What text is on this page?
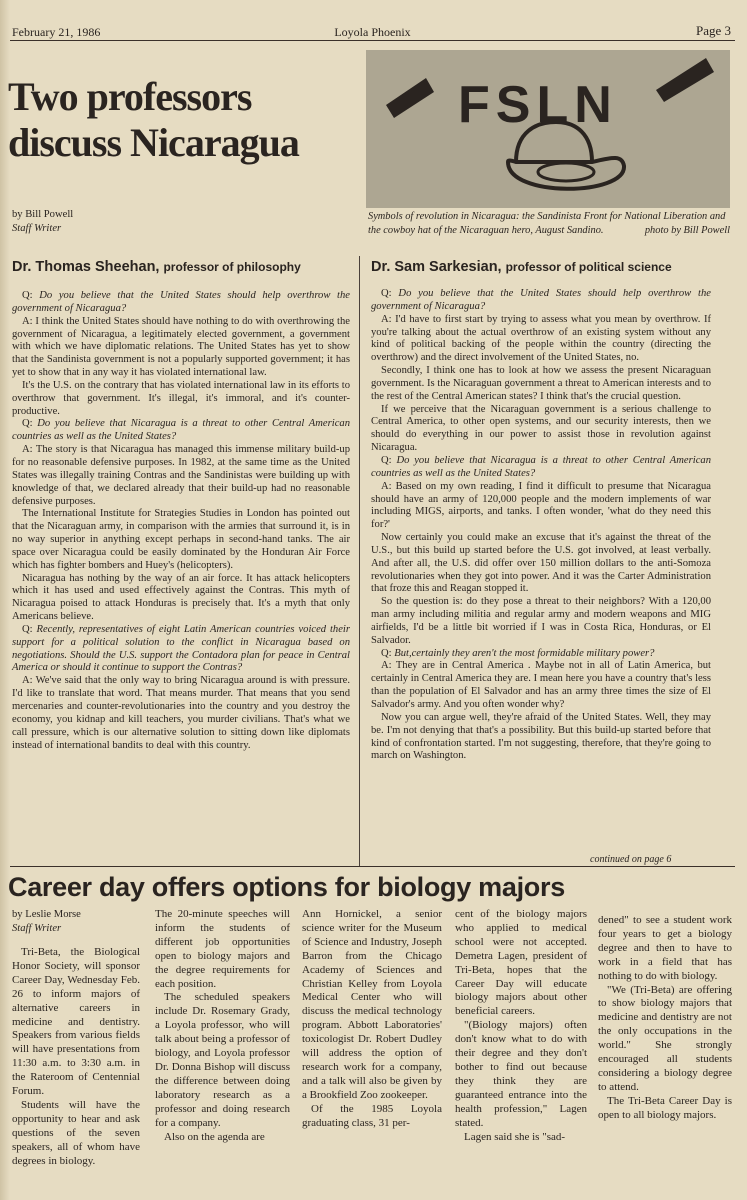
February 21, 1986	Loyola Phoenix	Page 3
Two professors
discuss Nicaragua
FSLN
Symbols of revolution in Nicaragua: the Sandinista Front for National Liberation and the cowboy hat of the Nicaraguan hero, August Sandino.	photo by Bill Powell
by Bill Powell
Staff Writer
Dr. Thomas Sheehan, professor of philosophy	Dr. Sam Sarkesian, professor of political science

Q: Do you believe that the United States should help overthrow the government of Nicaragua?

A: I think the United States should have nothing to do with overthrowing the government of Nicaragua, a legitimately elected government, a government with which we have diplomatic relations. The United States has yet to show that the Sandinista government is not a popularly supported government; it has yet to show that in any way it has violated international law.

It's the U.S. on the contrary that has violated international law in its efforts to overthrow that government. It's illegal, it's immoral, and it's counter-productive.

Q: Do you believe that Nicaragua is a threat to other Central American countries as well as the United States?

A: The story is that Nicaragua has managed this immense military build-up for no reasonable defensive purposes. In 1982, at the same time as the United States was illegally training Contras and the Sandinistas were building up with knowledge of that, we declared already that their build-up had no reasonable defensive purposes.

The International Institute for Strategies Studies in London has pointed out that the Nicaraguan army, in comparison with the armies that surround it, is in no way superior in anything except perhaps in second-hand tanks. The air space over Nicaragua could be easily dominated by the Honduran Air Force which has fighter bombers and Huey's (helicopters).

Nicaragua has nothing by the way of an air force. It has attack helicopters which it has used and used effectively against the Contras. This myth of Nicaragua poised to attack Honduras is precisely that. It's a myth that only Americans believe.

Q: Recently, representatives of eight Latin American countries voiced their support for a political solution to the conflict in Nicaragua based on negotiations. Should the U.S. support the Contadora plan for peace in Central America or should it continue to support the Contras?

A: We've said that the only way to bring Nicaragua around is with pressure. I'd like to translate that word. That means murder. That means that you send mercenaries and counter-revolutionaries into the country and you destroy the economy, you kidnap and kill teachers, you murder civilians. That's what we call pressure, which is our alternative solution to sitting down like diplomats instead of international bandits to deal with this country.

Q: Do you believe that the United States should help overthrow the government of Nicaragua?

A: I'd have to first start by trying to assess what you mean by overthrow. If you're talking about the actual overthrow of an existing system without any kind of political backing of the people within the country (directing the overthrow) and the direct involvement of the United States, no.

Secondly, I think one has to look at how we assess the present Nicaraguan government. Is the Nicaraguan government a threat to American interests and to the rest of the Central American states? I think that's the crucial question.

If we perceive that the Nicaraguan government is a serious challenge to Central America, to other open systems, and our security interests, then we should do everything in our power to assist those in revolution against Nicaragua.

Q: Do you believe that Nicaragua is a threat to other Central American countries as well as the United States?

A: Based on my own reading, I find it difficult to presume that Nicaragua should have an army of 120,000 people and the modern implements of war including MIGS, airports, and tanks. I often wonder, 'what do they need this for?'

Now certainly you could make an excuse that it's against the threat of the U.S., but this build up started before the U.S. got involved, at least verbally. And after all, the U.S. did offer over 150 million dollars to the anti-Somoza revolutionaries when they got into power. And it was the Carter Administration that froze this and Reagan stopped it.

So the question is: do they pose a threat to their neighbors? With a 120,00 man army including militia and regular army and modern weapons and MIG airfields, I'd be a little bit worried if I was in Costa Rica, Honduras, or El Salvador.

Q: But,certainly they aren't the most formidable military power?

A: They are in Central America . Maybe not in all of Latin America, but certainly in Central America they are. I mean here you have a country that's less than the population of El Salvador and has an army three times the size of El Salvador's army. And you often wonder why?

Now you can argue well, they're afraid of the United States. Well, they may be. I'm not denying that that's a possibility. But this build-up started before that kind of confrontation started. I'm not suggesting, therefore, that they're going to march on Washington.

continued on page 6
Career day offers options for biology majors
by Leslie Morse
Staff Writer

Tri-Beta, the Biological Honor Society, will sponsor Career Day, Wednesday Feb. 26 to inform majors of alternative careers in medicine and dentistry. Speakers from various fields will have presentations from 11:30 a.m. to 3:30 a.m. in the Rateroom of Centennial Forum.

Students will have the opportunity to hear and ask questions of the seven speakers, all of whom have degrees in biology.

The 20-minute speeches will inform the students of different job opportunities open to biology majors and the degree requirements for each position.

The scheduled speakers include Dr. Rosemary Grady, a Loyola professor, who will talk about being a professor of biology, and Loyola professor Dr. Donna Bishop will discuss the difference between doing laboratory research as a professor and doing research for a company.

Also on the agenda are

Ann Hornickel, a senior science writer for the Museum of Science and Industry, Joseph Barron from the Chicago Academy of Sciences and Christian Kelley from Loyola Medical Center who will discuss the medical technology program. Abbott Laboratories' toxicologist Dr. Robert Dudley will address the option of research work for a company, and a talk will also be given by a Brookfield Zoo zookeeper.

Of the 1985 Loyola graduating class, 31 per-

cent of the biology majors who applied to medical school were not accepted. Demetra Lagen, president of Tri-Beta, hopes that the Career Day will educate biology majors about other beneficial careers.

"(Biology majors) often don't know what to do with their degree and they don't bother to find out because they think they are guaranteed entrance into the health profession," Lagen stated.

Lagen said she is "sad-

dened" to see a student work four years to get a biology degree and then to have to work in a field that has nothing to do with biology.

"We (Tri-Beta) are offering to show biology majors that medicine and dentistry are not the only occupations in the world." She strongly encouraged all students considering a biology degree to attend.

The Tri-Beta Career Day is open to all biology majors.
